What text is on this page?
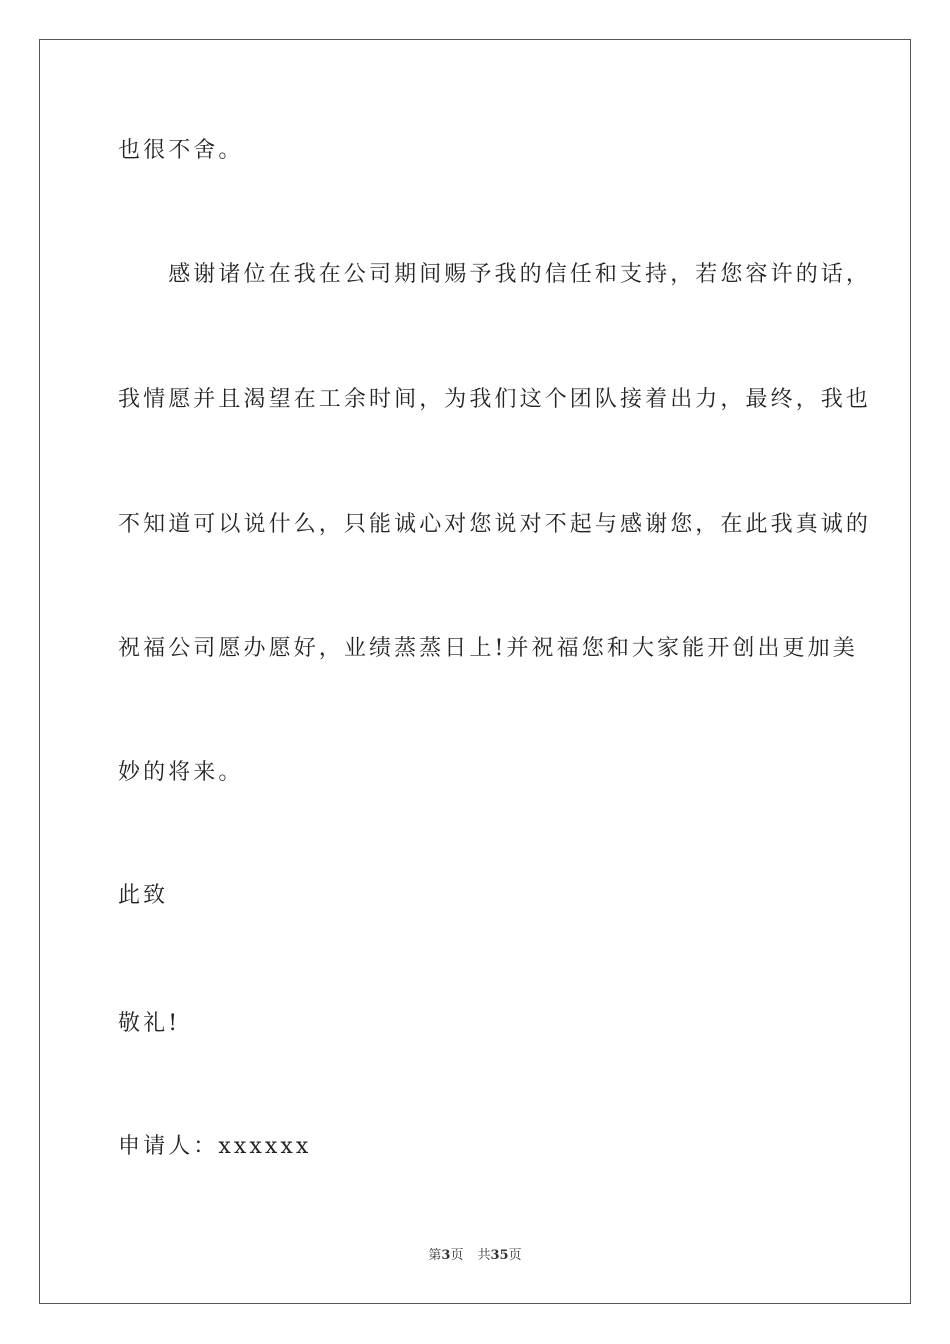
也很不舍。
　　感谢诸位在我在公司期间赐予我的信任和支持，若您容许的话，
我情愿并且渴望在工余时间，为我们这个团队接着出力，最终，我也
不知道可以说什么，只能诚心对您说对不起与感谢您，在此我真诚的
祝福公司愿办愿好，业绩蒸蒸日上!并祝福您和大家能开创出更加美
妙的将来。
此致
敬礼!
申请人：xxxxxx
第3页 共35页
